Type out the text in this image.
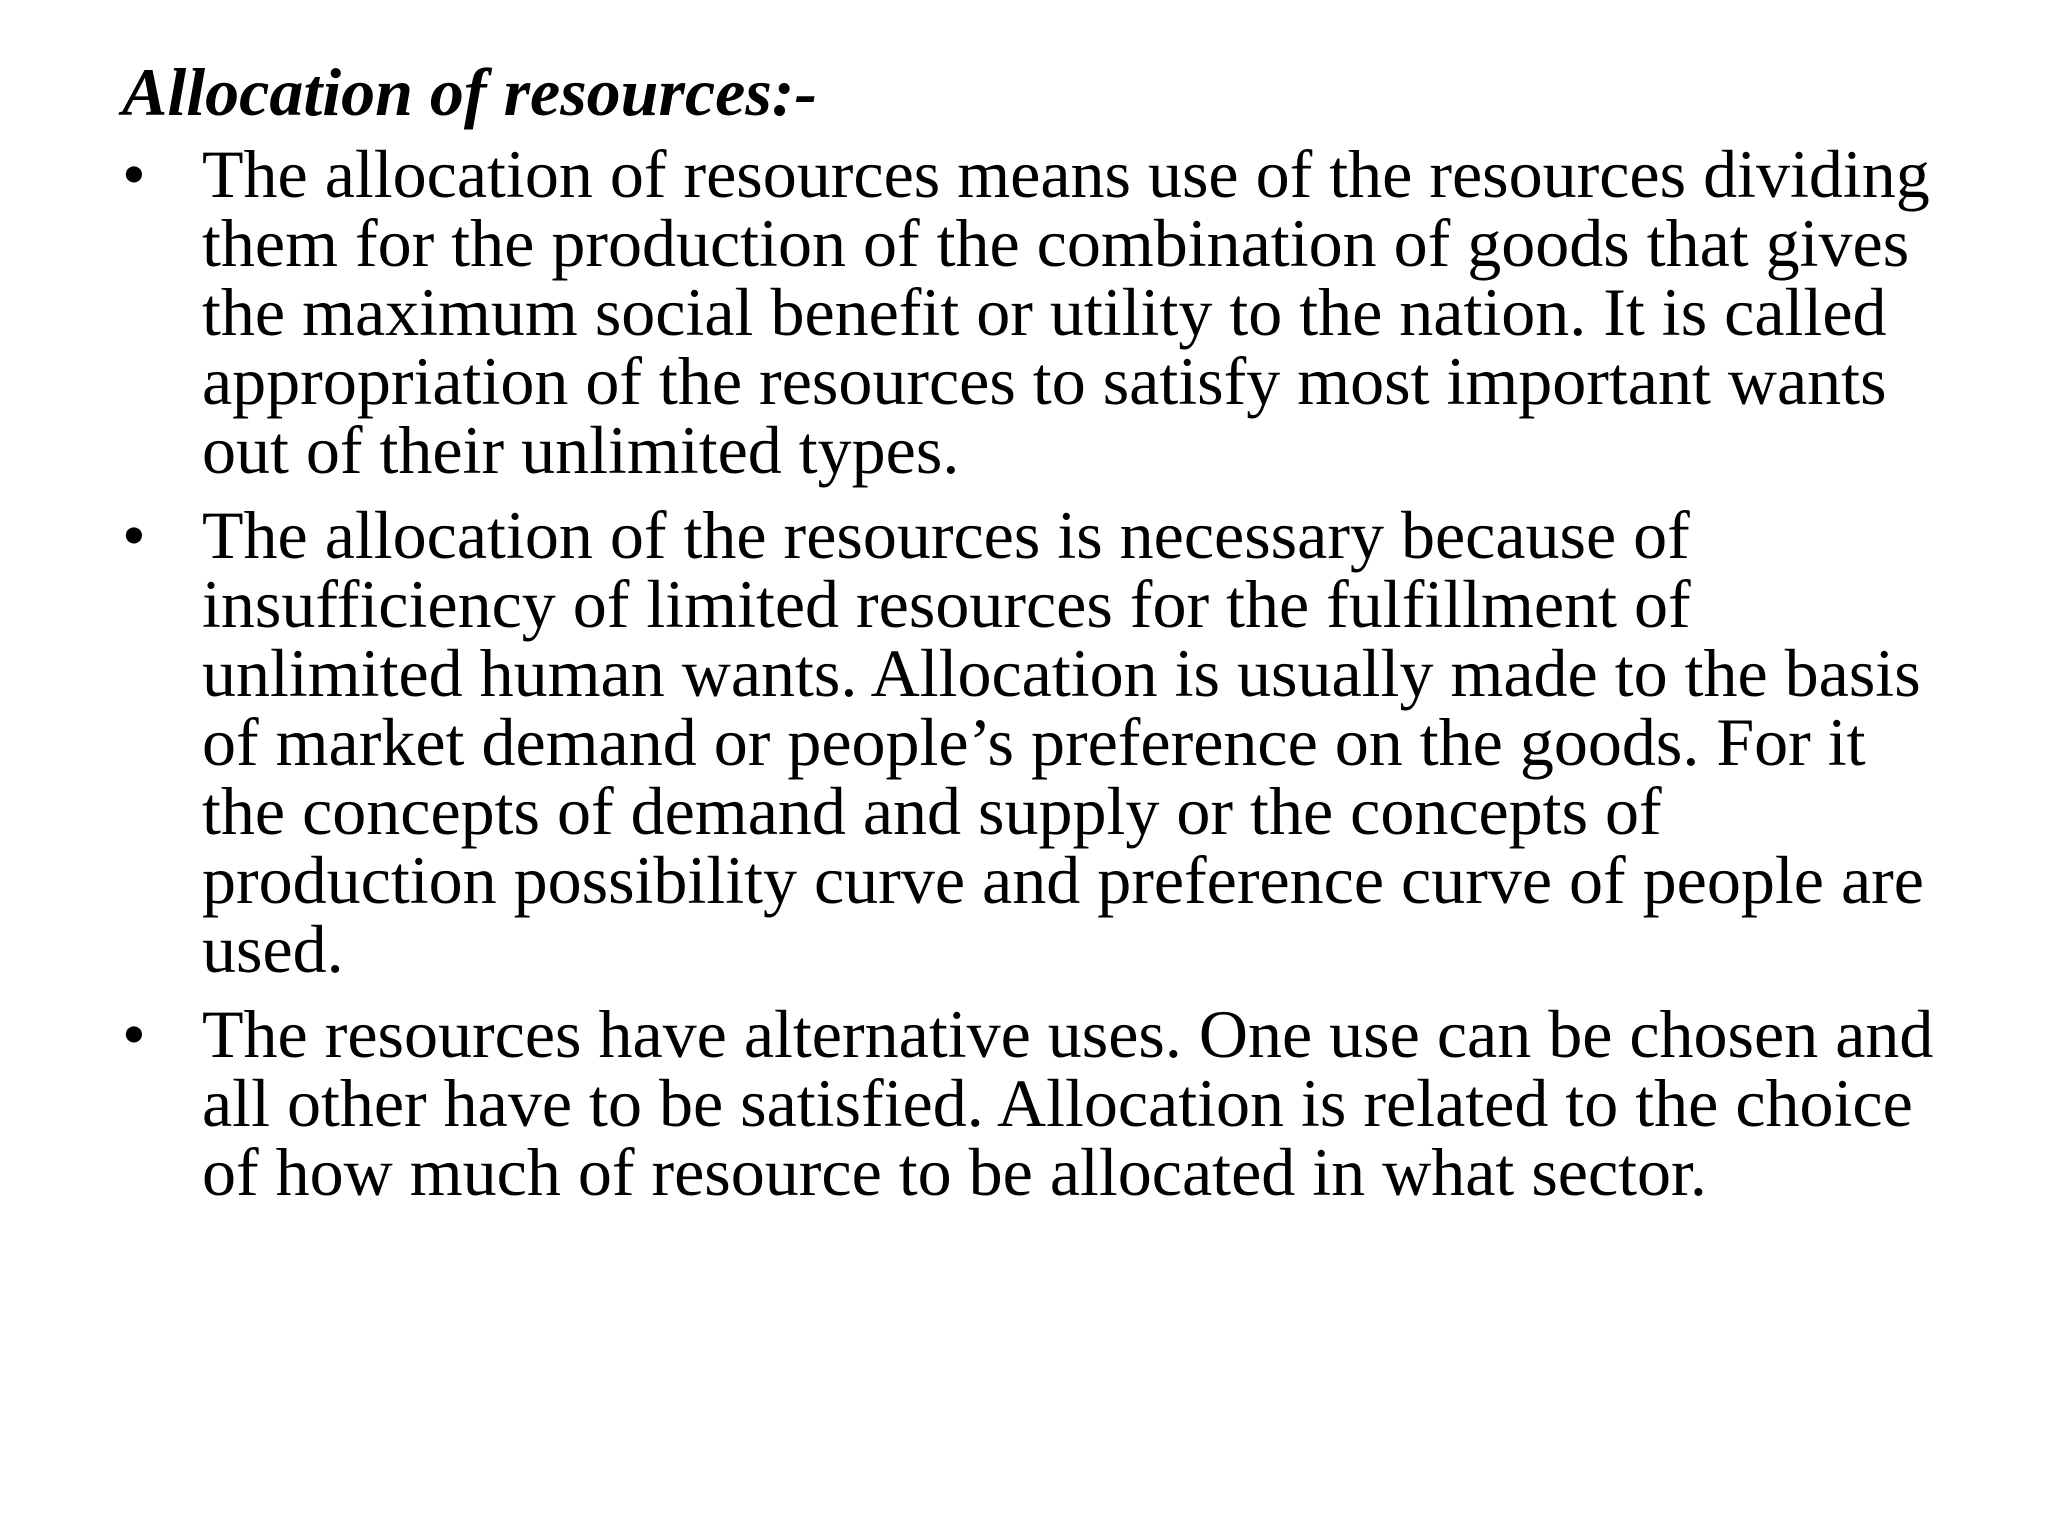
Allocation of resources:-
• The allocation of resources means use of the resources dividing
them for the production of the combination of goods that gives
the maximum social benefit or utility to the nation. It is called
appropriation of the resources to satisfy most important wants
out of their unlimited types.
• The allocation of the resources is necessary because of
insufficiency of limited resources for the fulfillment of
unlimited human wants. Allocation is usually made to the basis
of market demand or people’s preference on the goods. For it
the concepts of demand and supply or the concepts of
production possibility curve and preference curve of people are
used.
• The resources have alternative uses. One use can be chosen and
all other have to be satisfied. Allocation is related to the choice
of how much of resource to be allocated in what sector.
